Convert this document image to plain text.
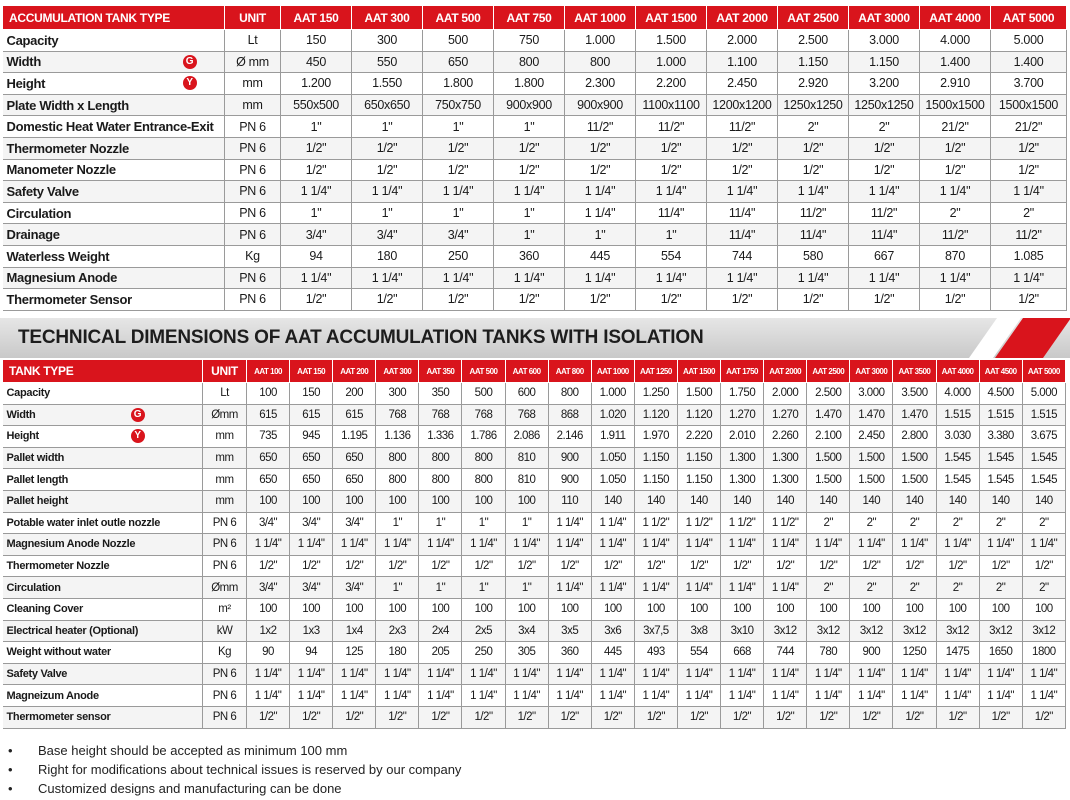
ACCUMULATION TANK TYPE	UNIT	AAT 150	AAT 300	AAT 500	AAT 750	AAT 1000	AAT 1500	AAT 2000	AAT 2500	AAT 3000	AAT 4000	AAT 5000
Capacity	Lt	150	300	500	750	1.000	1.500	2.000	2.500	3.000	4.000	5.000
Width G	Ø mm	450	550	650	800	800	1.000	1.100	1.150	1.150	1.400	1.400
Height Y	mm	1.200	1.550	1.800	1.800	2.300	2.200	2.450	2.920	3.200	2.910	3.700
Plate Width x Length	mm	550x500	650x650	750x750	900x900	900x900	1100x1100	1200x1200	1250x1250	1250x1250	1500x1500	1500x1500
Domestic Heat Water Entrance-Exit	PN 6	1"	1"	1"	1"	11/2"	11/2"	11/2"	2"	2"	21/2"	21/2"
Thermometer Nozzle	PN 6	1/2"	1/2"	1/2"	1/2"	1/2"	1/2"	1/2"	1/2"	1/2"	1/2"	1/2"
Manometer Nozzle	PN 6	1/2"	1/2"	1/2"	1/2"	1/2"	1/2"	1/2"	1/2"	1/2"	1/2"	1/2"
Safety Valve	PN 6	1 1/4"	1 1/4"	1 1/4"	1 1/4"	1 1/4"	1 1/4"	1 1/4"	1 1/4"	1 1/4"	1 1/4"	1 1/4"
Circulation	PN 6	1"	1"	1"	1"	1 1/4"	11/4"	11/4"	11/2"	11/2"	2"	2"
Drainage	PN 6	3/4"	3/4"	3/4"	1"	1"	1"	11/4"	11/4"	11/4"	11/2"	11/2"
Waterless Weight	Kg	94	180	250	360	445	554	744	580	667	870	1.085
Magnesium Anode	PN 6	1 1/4"	1 1/4"	1 1/4"	1 1/4"	1 1/4"	1 1/4"	1 1/4"	1 1/4"	1 1/4"	1 1/4"	1 1/4"
Thermometer Sensor	PN 6	1/2"	1/2"	1/2"	1/2"	1/2"	1/2"	1/2"	1/2"	1/2"	1/2"	1/2"
TECHNICAL DIMENSIONS OF AAT ACCUMULATION TANKS WITH ISOLATION
TANK TYPE	UNIT	AAT 100	AAT 150	AAT 200	AAT 300	AAT 350	AAT 500	AAT 600	AAT 800	AAT 1000	AAT 1250	AAT 1500	AAT 1750	AAT 2000	AAT 2500	AAT 3000	AAT 3500	AAT 4000	AAT 4500	AAT 5000
Capacity	Lt	100	150	200	300	350	500	600	800	1.000	1.250	1.500	1.750	2.000	2.500	3.000	3.500	4.000	4.500	5.000
Width G	Ømm	615	615	615	768	768	768	768	868	1.020	1.120	1.120	1.270	1.270	1.470	1.470	1.470	1.515	1.515	1.515
Height Y	mm	735	945	1.195	1.136	1.336	1.786	2.086	2.146	1.911	1.970	2.220	2.010	2.260	2.100	2.450	2.800	3.030	3.380	3.675
Pallet width	mm	650	650	650	800	800	800	810	900	1.050	1.150	1.150	1.300	1.300	1.500	1.500	1.500	1.545	1.545	1.545
Pallet length	mm	650	650	650	800	800	800	810	900	1.050	1.150	1.150	1.300	1.300	1.500	1.500	1.500	1.545	1.545	1.545
Pallet height	mm	100	100	100	100	100	100	100	110	140	140	140	140	140	140	140	140	140	140	140
Potable water inlet outle nozzle	PN 6	3/4"	3/4"	3/4"	1"	1"	1"	1"	1 1/4"	1 1/4"	1 1/2"	1 1/2"	1 1/2"	1 1/2"	2"	2"	2"	2"	2"	2"
Magnesium Anode Nozzle	PN 6	1 1/4"	1 1/4"	1 1/4"	1 1/4"	1 1/4"	1 1/4"	1 1/4"	1 1/4"	1 1/4"	1 1/4"	1 1/4"	1 1/4"	1 1/4"	1 1/4"	1 1/4"	1 1/4"	1 1/4"	1 1/4"	1 1/4"
Thermometer Nozzle	PN 6	1/2"	1/2"	1/2"	1/2"	1/2"	1/2"	1/2"	1/2"	1/2"	1/2"	1/2"	1/2"	1/2"	1/2"	1/2"	1/2"	1/2"	1/2"	1/2"
Circulation	Ømm	3/4"	3/4"	3/4"	1"	1"	1"	1"	1 1/4"	1 1/4"	1 1/4"	1 1/4"	1 1/4"	1 1/4"	2"	2"	2"	2"	2"	2"
Cleaning Cover	m²	100	100	100	100	100	100	100	100	100	100	100	100	100	100	100	100	100	100	100
Electrical heater (Optional)	kW	1x2	1x3	1x4	2x3	2x4	2x5	3x4	3x5	3x6	3x7,5	3x8	3x10	3x12	3x12	3x12	3x12	3x12	3x12	3x12
Weight without water	Kg	90	94	125	180	205	250	305	360	445	493	554	668	744	780	900	1250	1475	1650	1800
Safety Valve	PN 6	1 1/4"	1 1/4"	1 1/4"	1 1/4"	1 1/4"	1 1/4"	1 1/4"	1 1/4"	1 1/4"	1 1/4"	1 1/4"	1 1/4"	1 1/4"	1 1/4"	1 1/4"	1 1/4"	1 1/4"	1 1/4"	1 1/4"
Magneizum Anode	PN 6	1 1/4"	1 1/4"	1 1/4"	1 1/4"	1 1/4"	1 1/4"	1 1/4"	1 1/4"	1 1/4"	1 1/4"	1 1/4"	1 1/4"	1 1/4"	1 1/4"	1 1/4"	1 1/4"	1 1/4"	1 1/4"	1 1/4"
Thermometer sensor	PN 6	1/2"	1/2"	1/2"	1/2"	1/2"	1/2"	1/2"	1/2"	1/2"	1/2"	1/2"	1/2"	1/2"	1/2"	1/2"	1/2"	1/2"	1/2"	1/2"
• Base height should be accepted as minimum 100 mm
• Right for modifications about technical issues is reserved by our company
• Customized designs and manufacturing can be done
